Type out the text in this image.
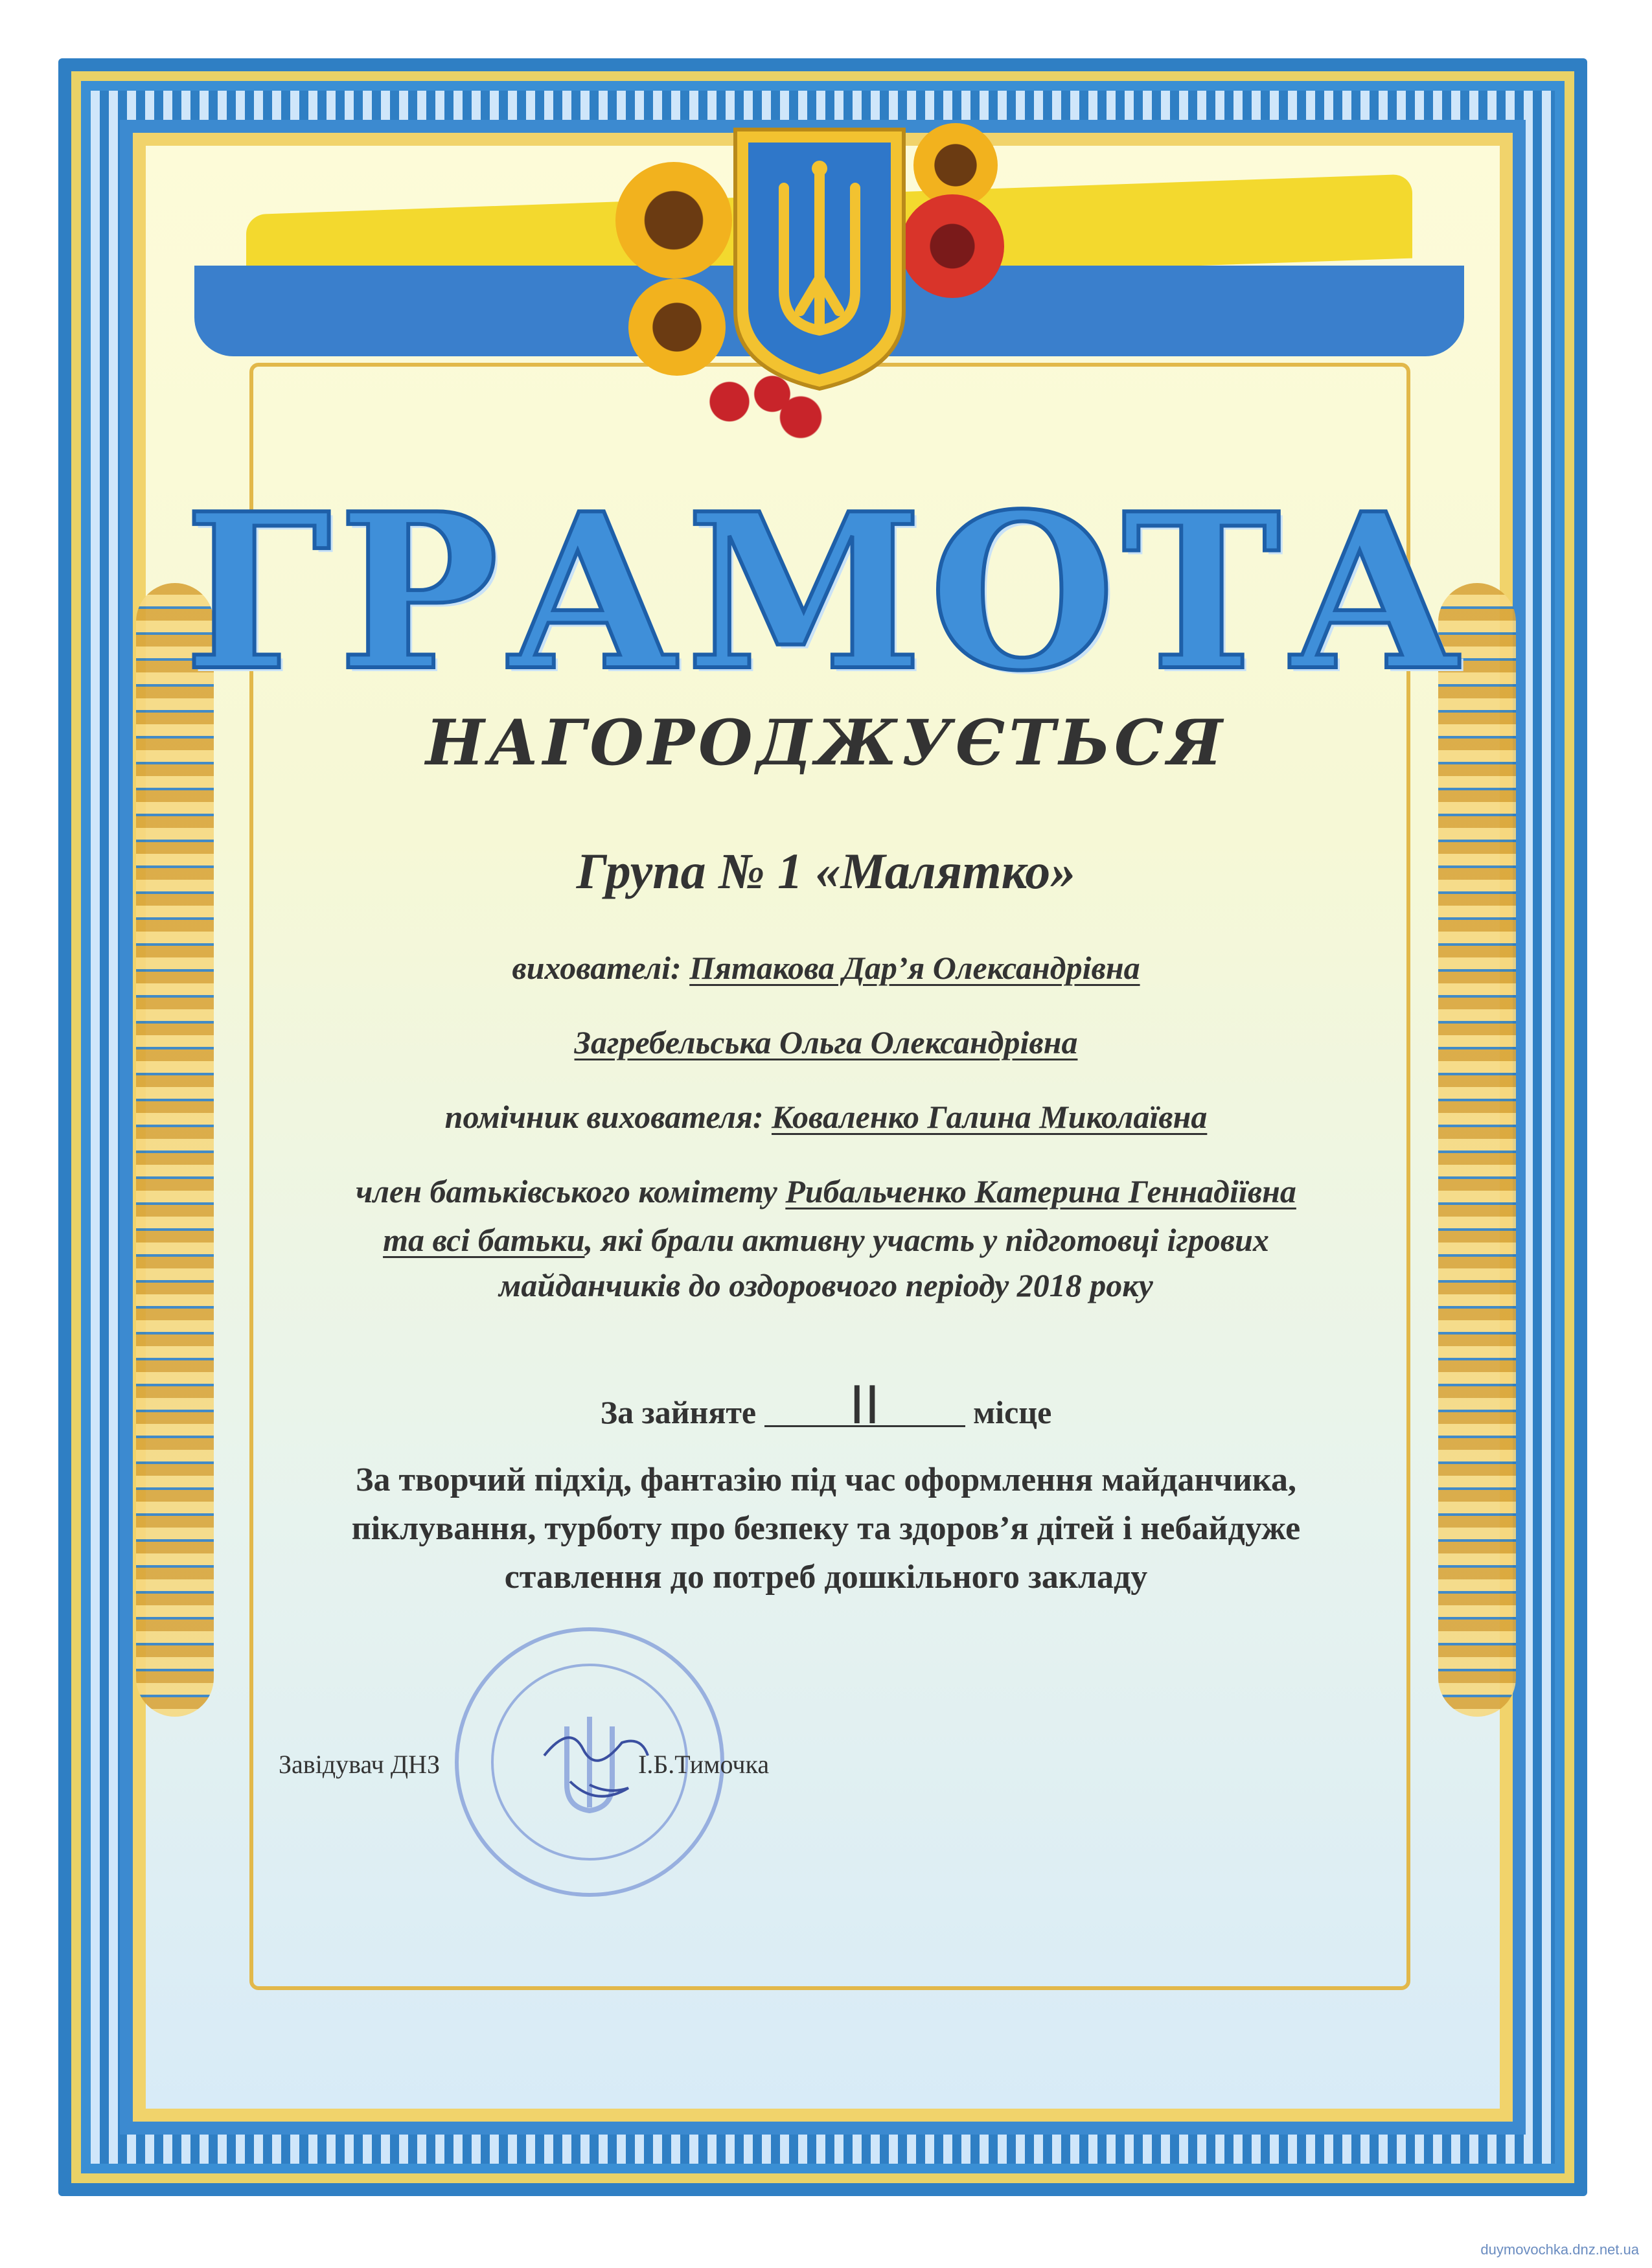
ГРАМОТА
НАГОРОДЖУЄТЬСЯ
Група № 1 «Малятко»
вихователі: Пятакова Дар’я Олександрівна
Загребельська Ольга Олександрівна
помічник вихователя: Коваленко Галина Миколаївна
член батьківського комітету Рибальченко Катерина Геннадіївна
та всі батьки, які брали активну участь у підготовці ігрових
майданчиків до оздоровчого періоду 2018 року
За зайняте II	місце
За творчий підхід, фантазію під час оформлення майданчика,
піклування, турботу про безпеку та здоров’я дітей і небайдуже
ставлення до потреб дошкільного закладу
Завідувач ДНЗ	І.Б.Тимочка
duymovochka.dnz.net.ua
